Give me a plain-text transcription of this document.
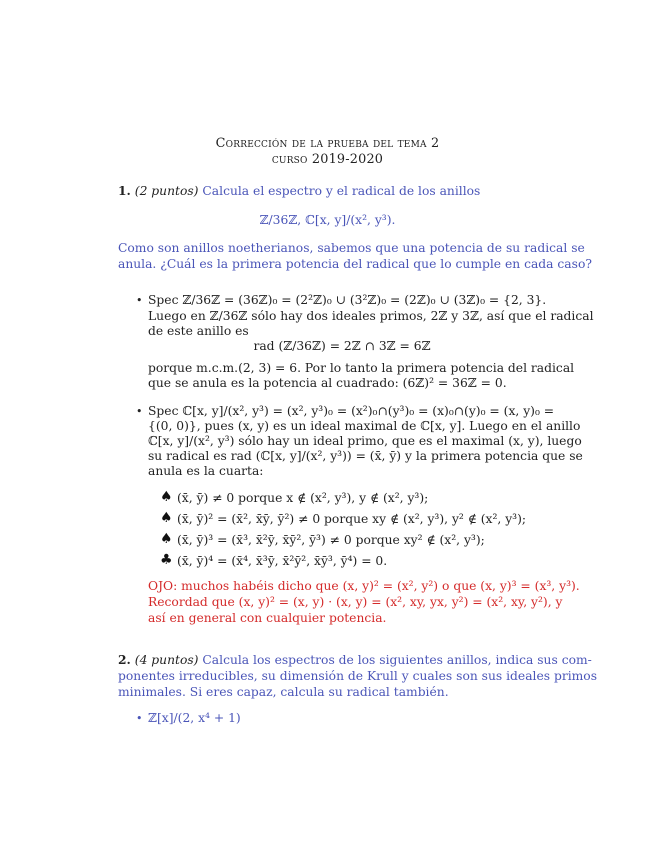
Corrección de la prueba del tema 2
curso 2019-2020
1. (2 puntos) Calcula el espectro y el radical de los anillos
ℤ/36ℤ, ℂ[x, y]/(x², y³).
Como son anillos noetherianos, sabemos que una potencia de su radical se
anula. ¿Cuál es la primera potencia del radical que lo cumple en cada caso?
• Spec ℤ/36ℤ = (36ℤ)₀ = (2²ℤ)₀ ∪ (3²ℤ)₀ = (2ℤ)₀ ∪ (3ℤ)₀ = {2, 3}.
Luego en ℤ/36ℤ sólo hay dos ideales primos, 2ℤ y 3ℤ, así que el radical
de este anillo es
rad (ℤ/36ℤ) = 2ℤ ∩ 3ℤ = 6ℤ
porque m.c.m.(2, 3) = 6. Por lo tanto la primera potencia del radical
que se anula es la potencia al cuadrado: (6ℤ)² = 36ℤ = 0.
• Spec ℂ[x, y]/(x², y³) = (x², y³)₀ = (x²)₀∩(y³)₀ = (x)₀∩(y)₀ = (x, y)₀ =
{(0, 0)}, pues (x, y) es un ideal maximal de ℂ[x, y]. Luego en el anillo
ℂ[x, y]/(x², y³) sólo hay un ideal primo, que es el maximal (x, y), luego
su radical es rad (ℂ[x, y]/(x², y³)) = (x̄, ȳ) y la primera potencia que se
anula es la cuarta:
♠ (x̄, ȳ) ≠ 0 porque x ∉ (x², y³), y ∉ (x², y³);
♠ (x̄, ȳ)² = (x̄², x̄ȳ, ȳ²) ≠ 0 porque xy ∉ (x², y³), y² ∉ (x², y³);
♠ (x̄, ȳ)³ = (x̄³, x̄²ȳ, x̄ȳ², ȳ³) ≠ 0 porque xy² ∉ (x², y³);
♣ (x̄, ȳ)⁴ = (x̄⁴, x̄³ȳ, x̄²ȳ², x̄ȳ³, ȳ⁴) = 0.
OJO: muchos habéis dicho que (x, y)² = (x², y²) o que (x, y)³ = (x³, y³).
Recordad que (x, y)² = (x, y) · (x, y) = (x², xy, yx, y²) = (x², xy, y²), y
así en general con cualquier potencia.
2. (4 puntos) Calcula los espectros de los siguientes anillos, indica sus com-
ponentes irreducibles, su dimensión de Krull y cuales son sus ideales primos
minimales. Si eres capaz, calcula su radical también.
• ℤ[x]/(2, x⁴ + 1)
